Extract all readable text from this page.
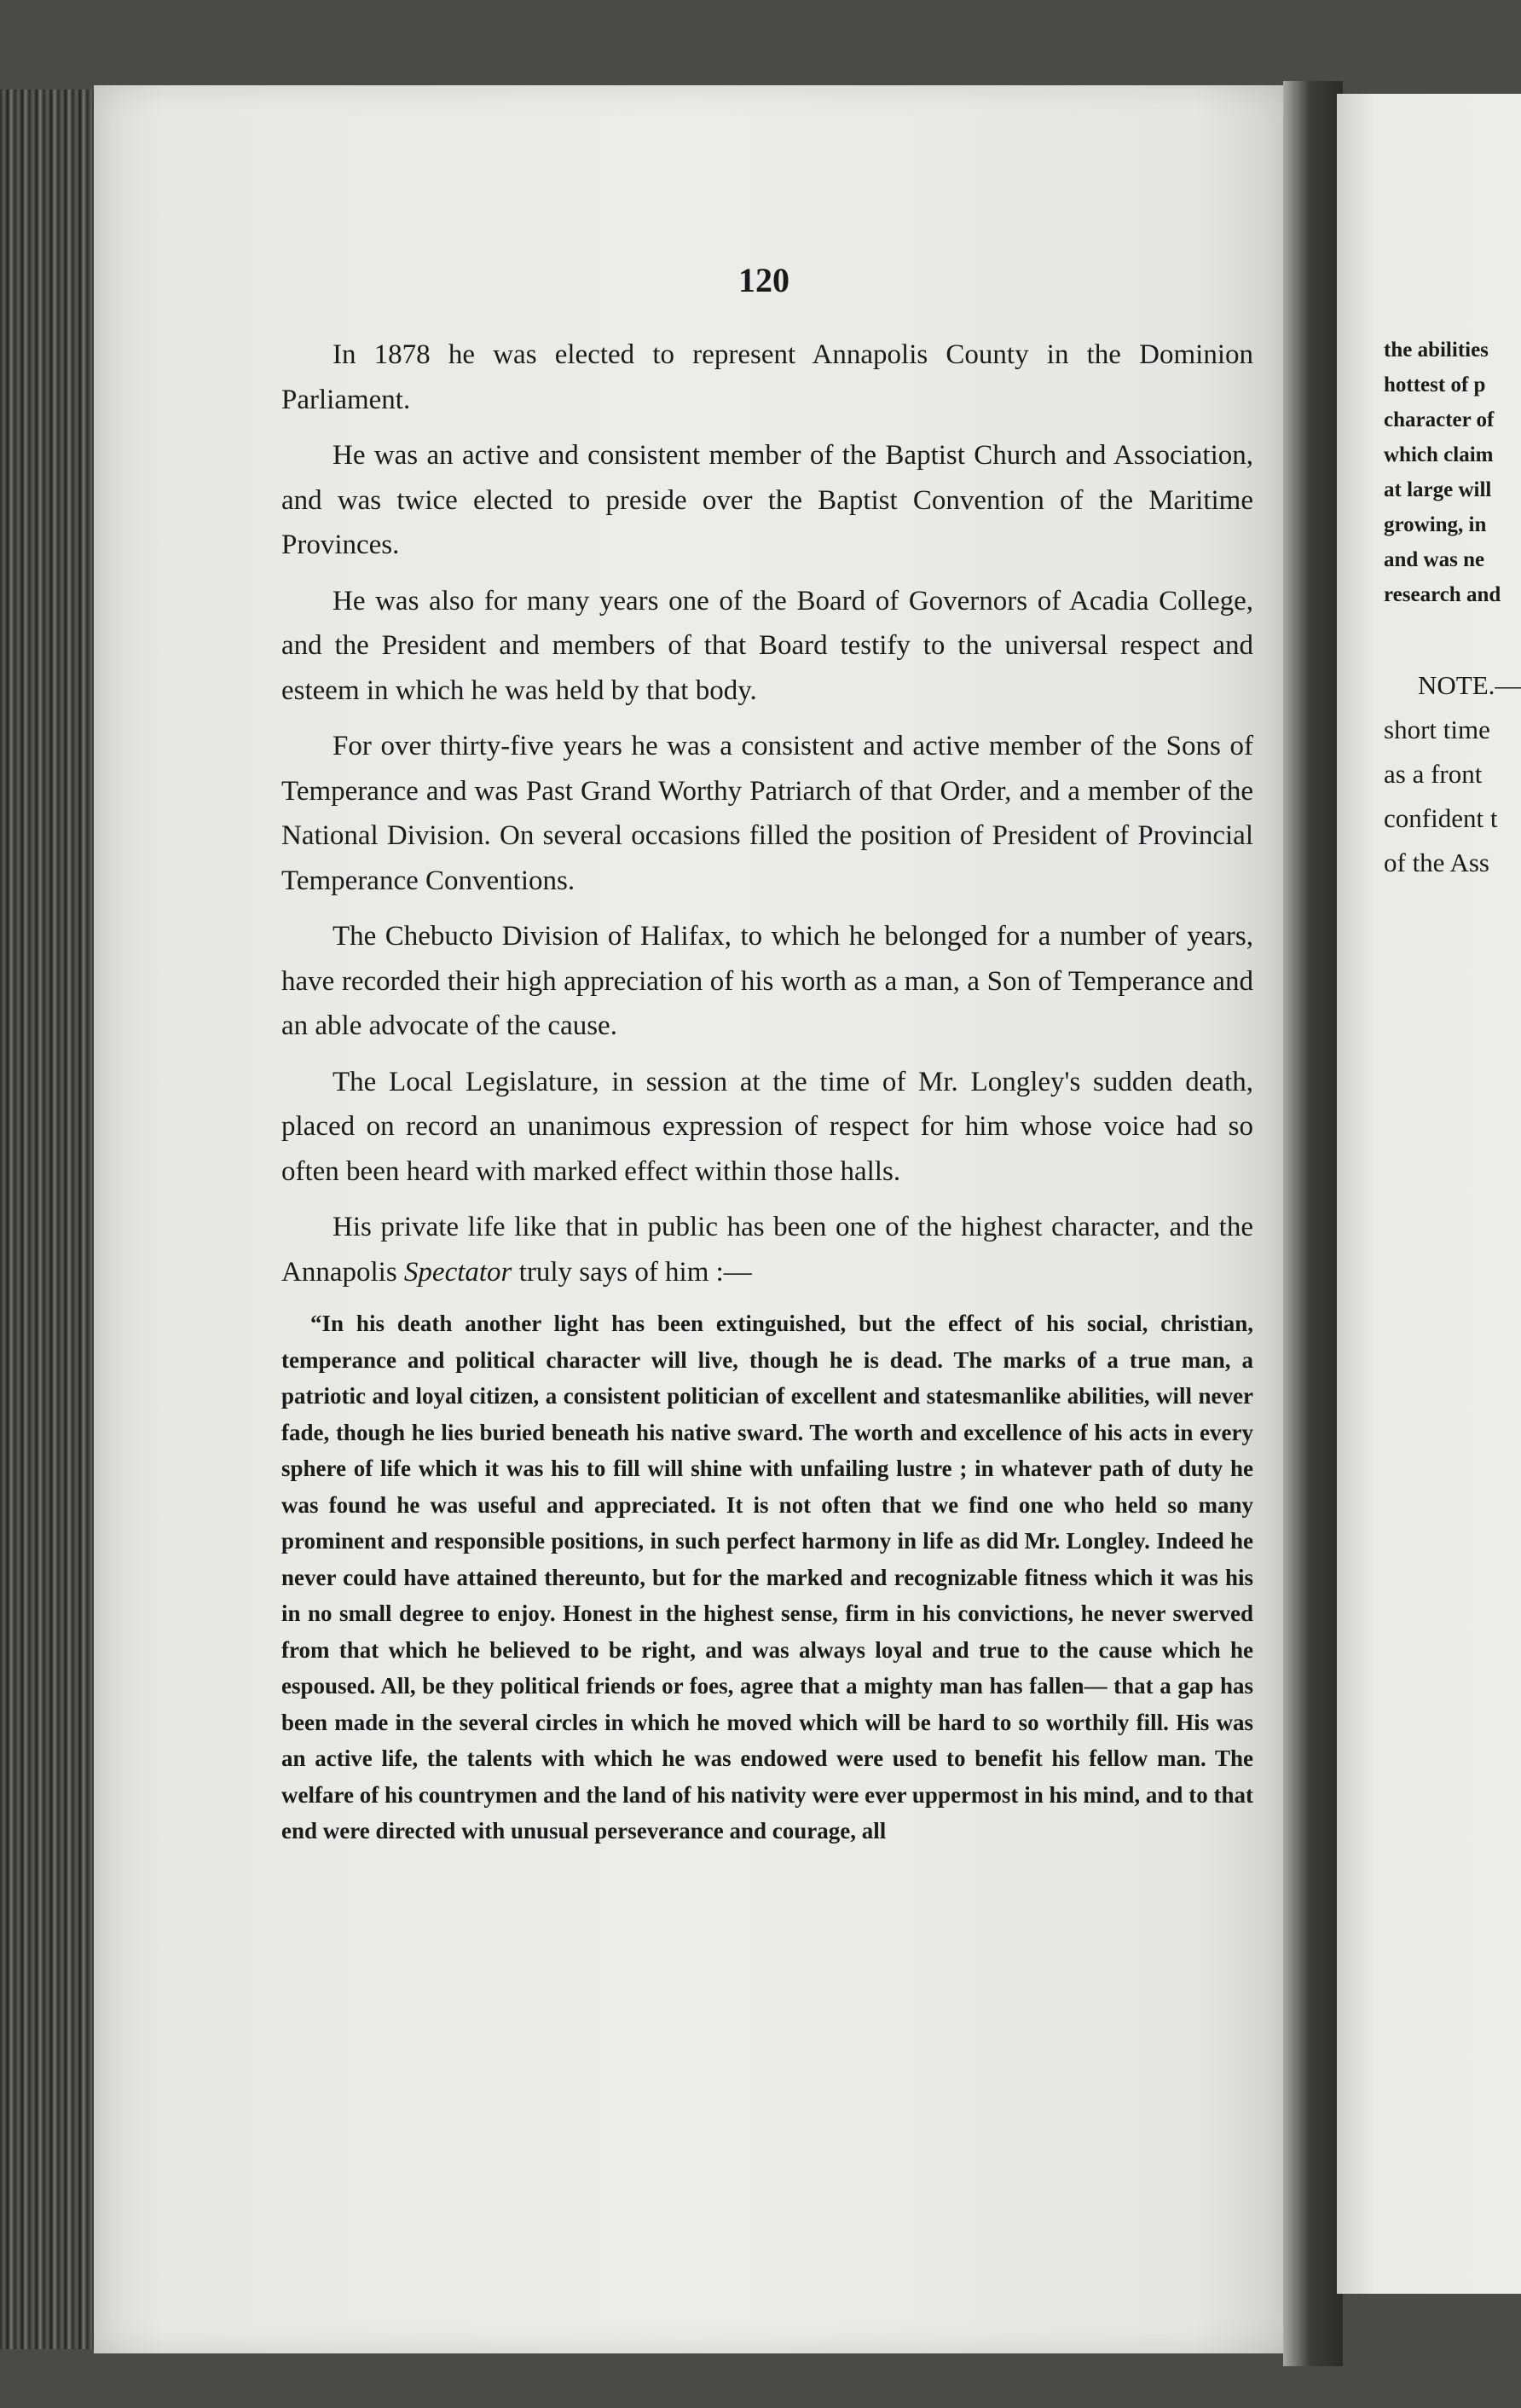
the abilities
hottest of p
character of
which claim
at large will
growing, in
and was ne
research and
NOTE.—
short time
as a front
confident t
of the Ass
120

In 1878 he was elected to represent Annapolis County in the Dominion Parliament.

He was an active and consistent member of the Baptist Church and Association, and was twice elected to preside over the Baptist Convention of the Maritime Provinces.

He was also for many years one of the Board of Governors of Acadia College, and the President and members of that Board testify to the universal respect and esteem in which he was held by that body.

For over thirty-five years he was a consistent and active member of the Sons of Temperance and was Past Grand Worthy Patriarch of that Order, and a member of the National Division. On several occasions filled the position of President of Provincial Temperance Conventions.

The Chebucto Division of Halifax, to which he belonged for a number of years, have recorded their high appreciation of his worth as a man, a Son of Temperance and an able advocate of the cause.

The Local Legislature, in session at the time of Mr. Longley's sudden death, placed on record an unanimous expression of respect for him whose voice had so often been heard with marked effect within those halls.

His private life like that in public has been one of the highest character, and the Annapolis Spectator truly says of him :—

“In his death another light has been extinguished, but the effect of his social, christian, temperance and political character will live, though he is dead. The marks of a true man, a patriotic and loyal citizen, a consistent politician of excellent and statesmanlike abilities, will never fade, though he lies buried beneath his native sward. The worth and excellence of his acts in every sphere of life which it was his to fill will shine with unfailing lustre ; in whatever path of duty he was found he was useful and appreciated. It is not often that we find one who held so many prominent and responsible positions, in such perfect harmony in life as did Mr. Longley. Indeed he never could have attained thereunto, but for the marked and recognizable fitness which it was his in no small degree to enjoy. Honest in the highest sense, firm in his convictions, he never swerved from that which he believed to be right, and was always loyal and true to the cause which he espoused. All, be they political friends or foes, agree that a mighty man has fallen— that a gap has been made in the several circles in which he moved which will be hard to so worthily fill. His was an active life, the talents with which he was endowed were used to benefit his fellow man. The welfare of his countrymen and the land of his nativity were ever uppermost in his mind, and to that end were directed with unusual perseverance and courage, all
